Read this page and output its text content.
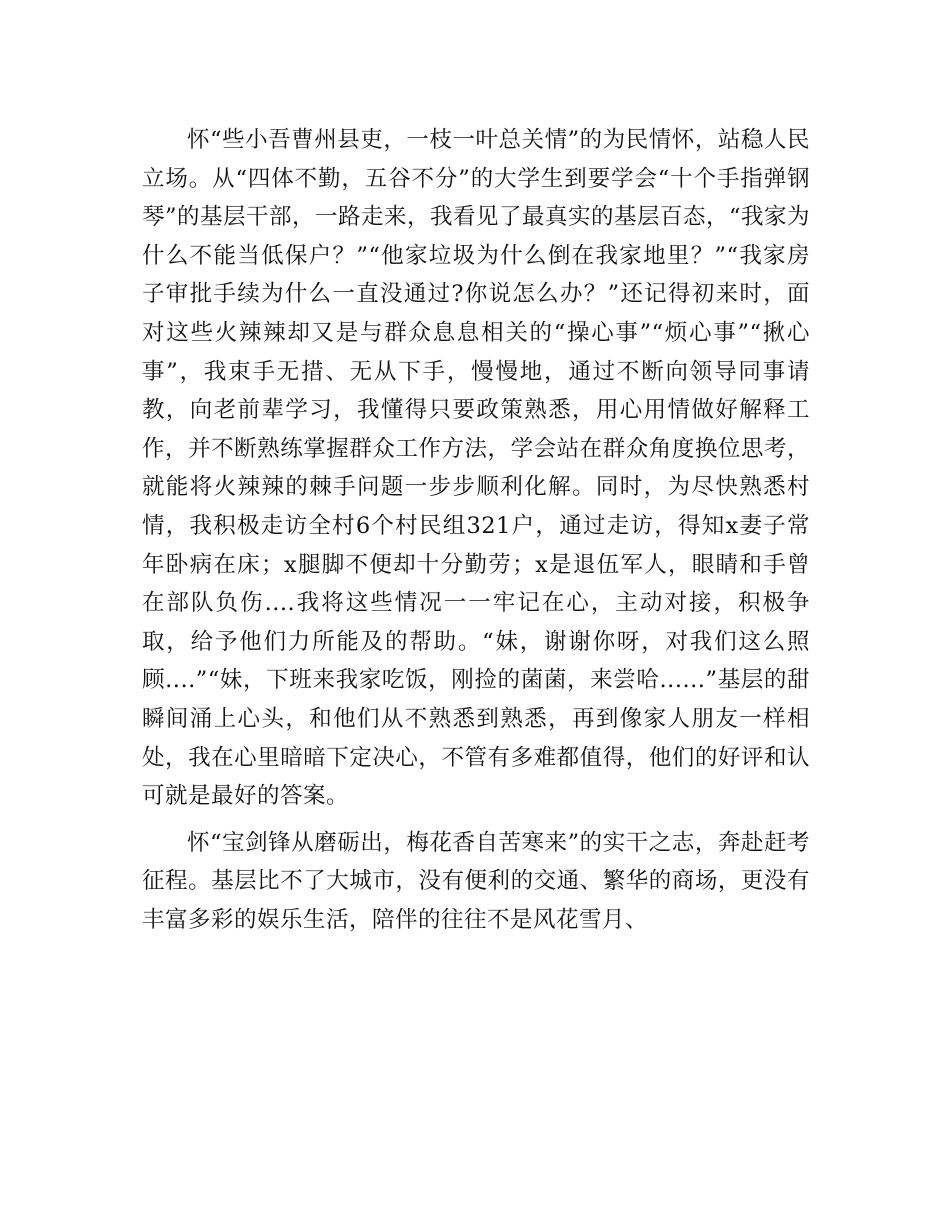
怀“些小吾曹州县吏，一枝一叶总关情”的为民情怀，站稳人民立场。从“四体不勤，五谷不分”的大学生到要学会“十个手指弹钢琴”的基层干部，一路走来，我看见了最真实的基层百态，“我家为什么不能当低保户？”“他家垃圾为什么倒在我家地里？”“我家房子审批手续为什么一直没通过?你说怎么办？”还记得初来时，面对这些火辣辣却又是与群众息息相关的“操心事”“烦心事”“揪心事”，我束手无措、无从下手，慢慢地，通过不断向领导同事请教，向老前辈学习，我懂得只要政策熟悉，用心用情做好解释工作，并不断熟练掌握群众工作方法，学会站在群众角度换位思考，就能将火辣辣的棘手问题一步步顺利化解。同时，为尽快熟悉村情，我积极走访全村6个村民组321户，通过走访，得知x妻子常年卧病在床；x腿脚不便却十分勤劳；x是退伍军人，眼睛和手曾在部队负伤....我将这些情况一一牢记在心，主动对接，积极争取，给予他们力所能及的帮助。“妹，谢谢你呀，对我们这么照顾....”“妹，下班来我家吃饭，刚捡的菌菌，来尝哈......”基层的甜瞬间涌上心头，和他们从不熟悉到熟悉，再到像家人朋友一样相处，我在心里暗暗下定决心，不管有多难都值得，他们的好评和认可就是最好的答案。

怀“宝剑锋从磨砺出，梅花香自苦寒来”的实干之志，奔赴赶考征程。基层比不了大城市，没有便利的交通、繁华的商场，更没有丰富多彩的娱乐生活，陪伴的往往不是风花雪月、
